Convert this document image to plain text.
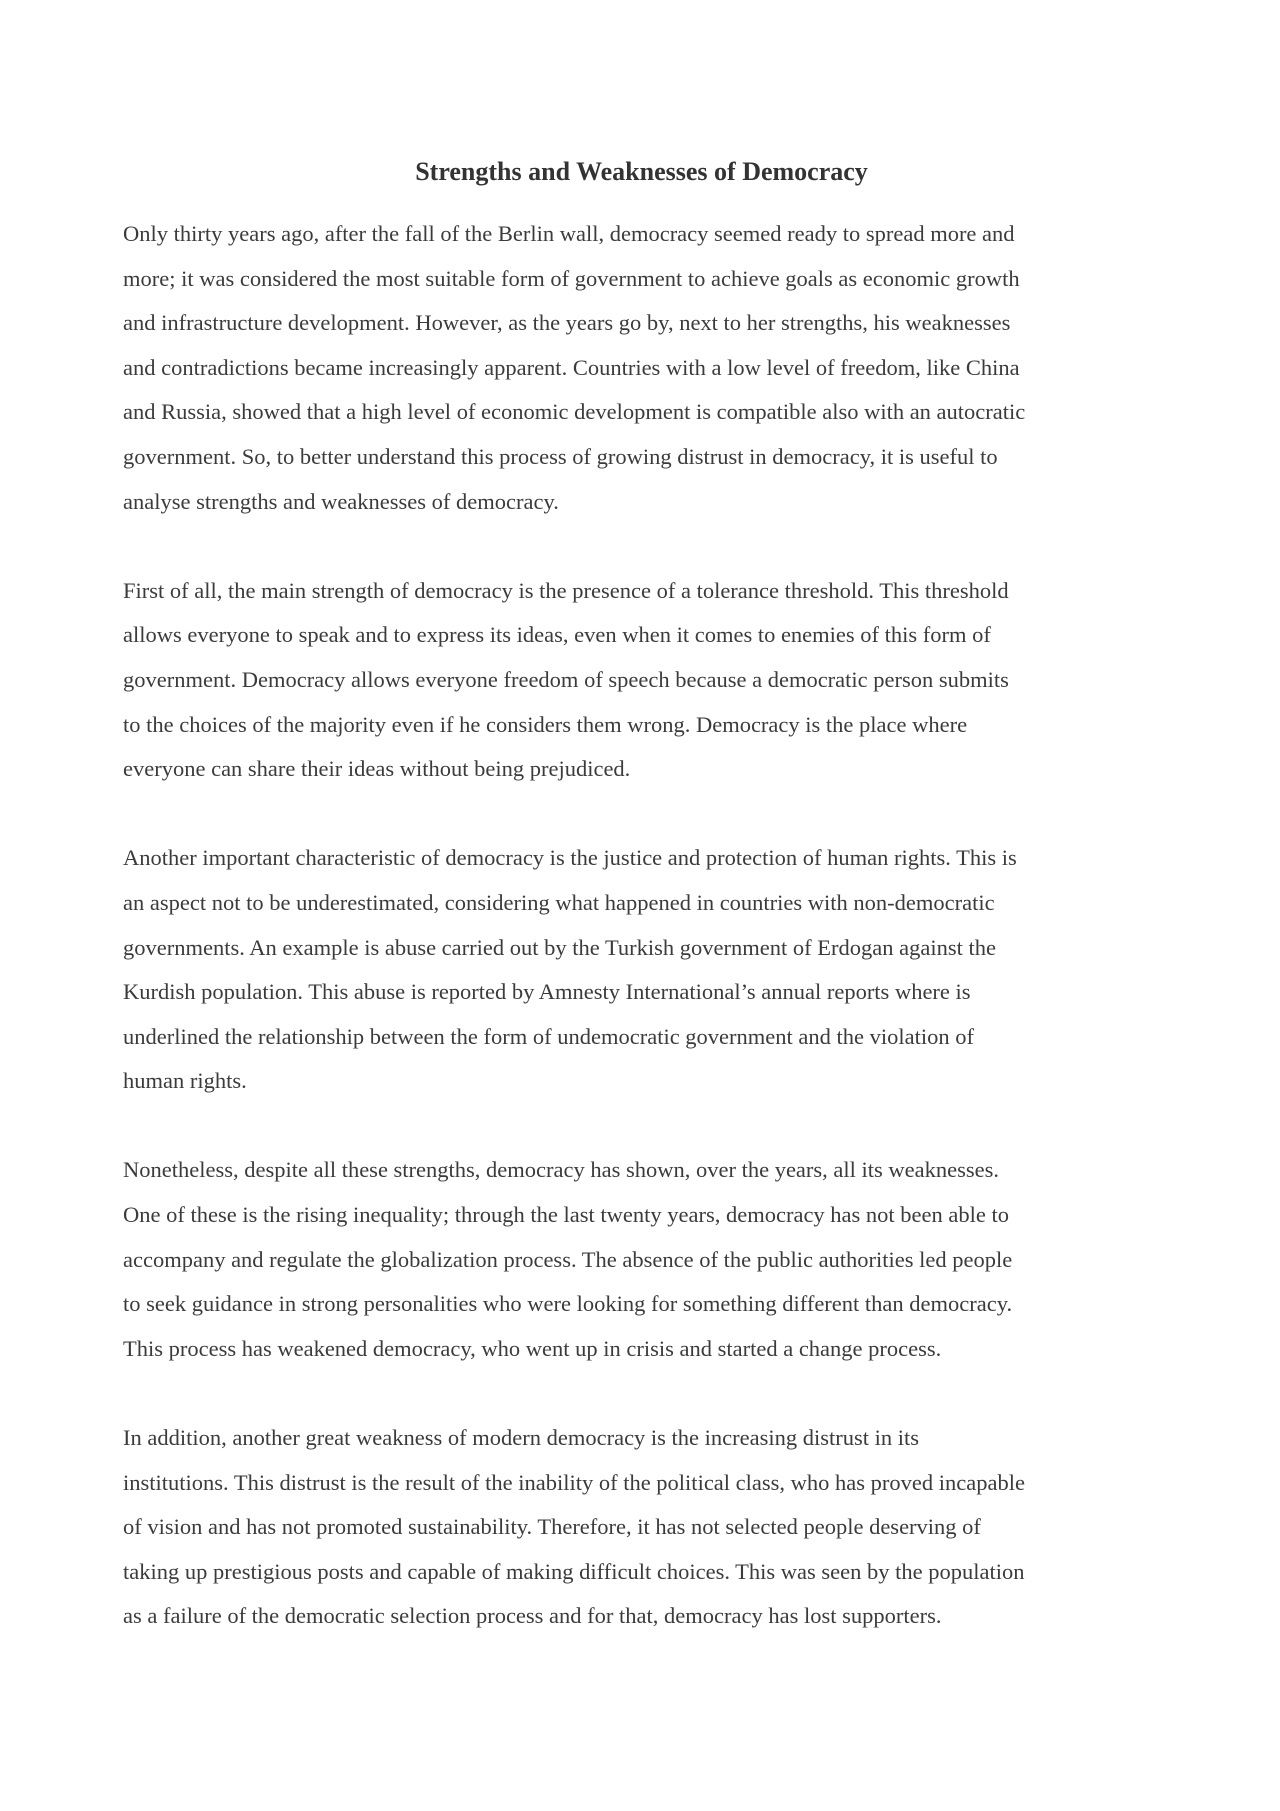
Strengths and Weaknesses of Democracy

Only thirty years ago, after the fall of the Berlin wall, democracy seemed ready to spread more and
more; it was considered the most suitable form of government to achieve goals as economic growth
and infrastructure development. However, as the years go by, next to her strengths, his weaknesses
and contradictions became increasingly apparent. Countries with a low level of freedom, like China
and Russia, showed that a high level of economic development is compatible also with an autocratic
government. So, to better understand this process of growing distrust in democracy, it is useful to
analyse strengths and weaknesses of democracy.

First of all, the main strength of democracy is the presence of a tolerance threshold. This threshold
allows everyone to speak and to express its ideas, even when it comes to enemies of this form of
government. Democracy allows everyone freedom of speech because a democratic person submits
to the choices of the majority even if he considers them wrong. Democracy is the place where
everyone can share their ideas without being prejudiced.

Another important characteristic of democracy is the justice and protection of human rights. This is
an aspect not to be underestimated, considering what happened in countries with non-democratic
governments. An example is abuse carried out by the Turkish government of Erdogan against the
Kurdish population. This abuse is reported by Amnesty International’s annual reports where is
underlined the relationship between the form of undemocratic government and the violation of
human rights.

Nonetheless, despite all these strengths, democracy has shown, over the years, all its weaknesses.
One of these is the rising inequality; through the last twenty years, democracy has not been able to
accompany and regulate the globalization process. The absence of the public authorities led people
to seek guidance in strong personalities who were looking for something different than democracy.
This process has weakened democracy, who went up in crisis and started a change process.

In addition, another great weakness of modern democracy is the increasing distrust in its
institutions. This distrust is the result of the inability of the political class, who has proved incapable
of vision and has not promoted sustainability. Therefore, it has not selected people deserving of
taking up prestigious posts and capable of making difficult choices. This was seen by the population
as a failure of the democratic selection process and for that, democracy has lost supporters.
